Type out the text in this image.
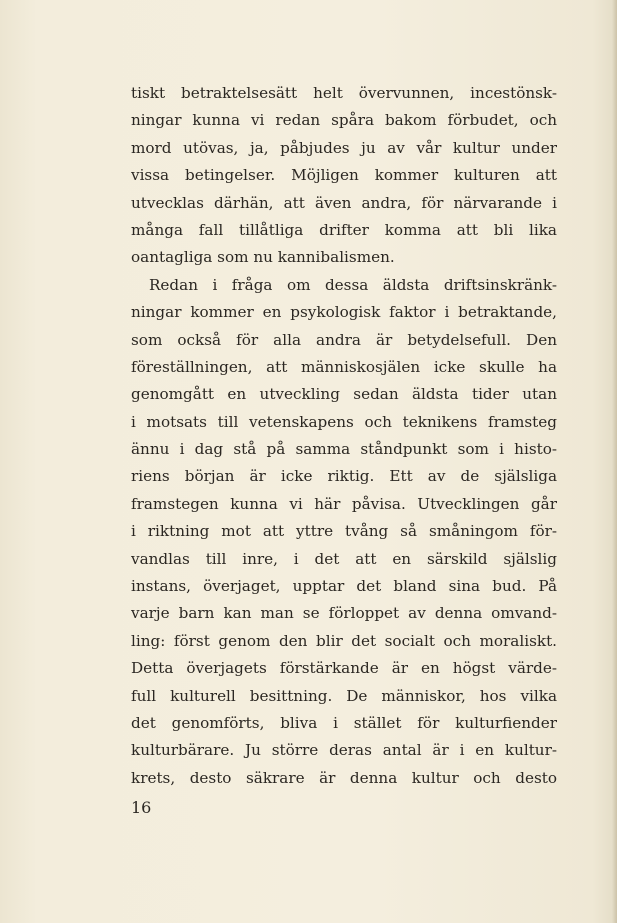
tiskt betraktelsesätt helt övervunnen, incestönsk-
ningar kunna vi redan spåra bakom förbudet, och
mord utövas, ja, påbjudes ju av vår kultur under
vissa betingelser. Möjligen kommer kulturen att
utvecklas därhän, att även andra, för närvarande i
många fall tillåtliga drifter komma att bli lika
oantagliga som nu kannibalismen.
Redan i fråga om dessa äldsta driftsinskränk-
ningar kommer en psykologisk faktor i betraktande,
som också för alla andra är betydelsefull. Den
föreställningen, att människosjälen icke skulle ha
genomgått en utveckling sedan äldsta tider utan
i motsats till vetenskapens och teknikens framsteg
ännu i dag stå på samma ståndpunkt som i histo-
riens början är icke riktig. Ett av de själsliga
framstegen kunna vi här påvisa. Utvecklingen går
i riktning mot att yttre tvång så småningom för-
vandlas till inre, i det att en särskild själslig
instans, överjaget, upptar det bland sina bud. På
varje barn kan man se förloppet av denna omvand-
ling: först genom den blir det socialt och moraliskt.
Detta överjagets förstärkande är en högst värde-
full kulturell besittning. De människor, hos vilka
det genomförts, bliva i stället för kulturfiender
kulturbärare. Ju större deras antal är i en kultur-
krets, desto säkrare är denna kultur och desto
16
